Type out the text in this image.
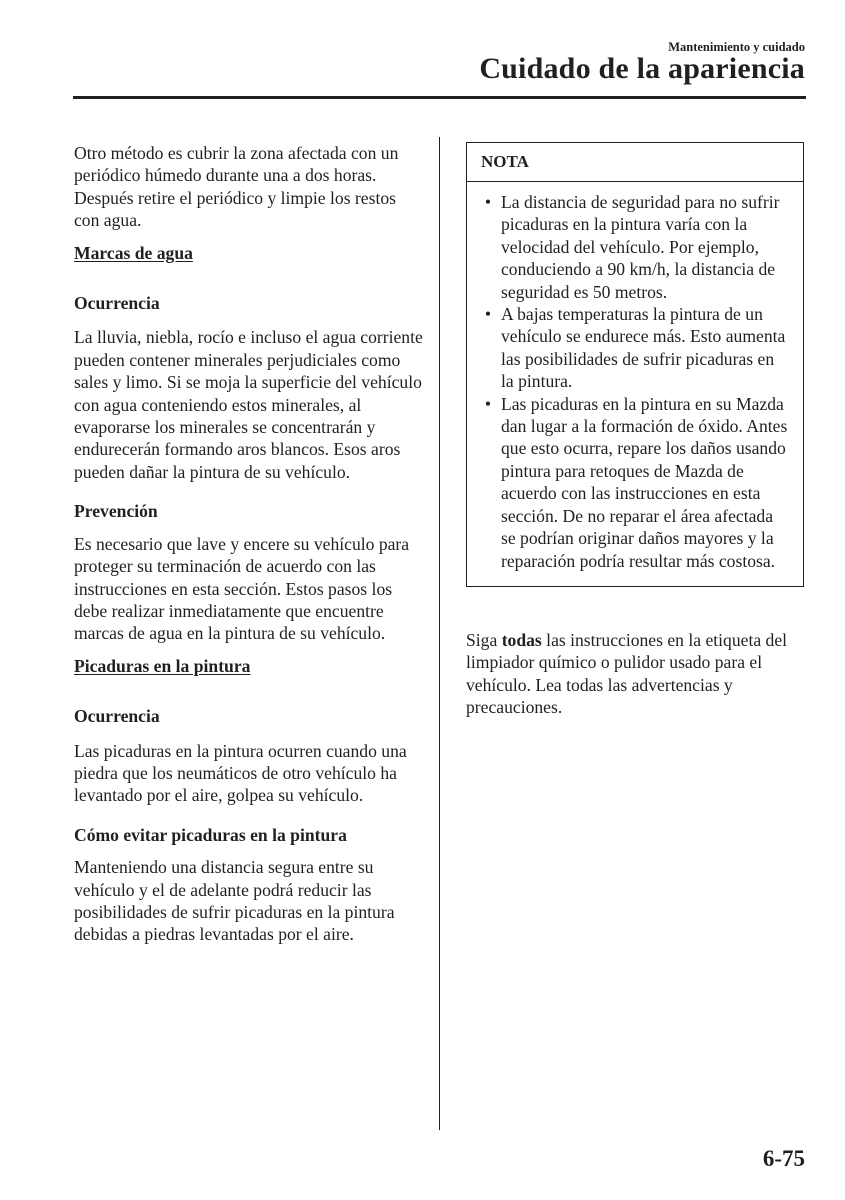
Mantenimiento y cuidado
Cuidado de la apariencia

Otro método es cubrir la zona afectada con un periódico húmedo durante una a dos horas. Después retire el periódico y limpie los restos con agua.

Marcas de agua
Ocurrencia

La lluvia, niebla, rocío e incluso el agua corriente pueden contener minerales perjudiciales como sales y limo. Si se moja la superficie del vehículo con agua conteniendo estos minerales, al evaporarse los minerales se concentrarán y endurecerán formando aros blancos. Esos aros pueden dañar la pintura de su vehículo.

Prevención

Es necesario que lave y encere su vehículo para proteger su terminación de acuerdo con las instrucciones en esta sección. Estos pasos los debe realizar inmediatamente que encuentre marcas de agua en la pintura de su vehículo.

Picaduras en la pintura
Ocurrencia

Las picaduras en la pintura ocurren cuando una piedra que los neumáticos de otro vehículo ha levantado por el aire, golpea su vehículo.

Cómo evitar picaduras en la pintura

Manteniendo una distancia segura entre su vehículo y el de adelante podrá reducir las posibilidades de sufrir picaduras en la pintura debidas a piedras levantadas por el aire.

NOTA
• La distancia de seguridad para no sufrir picaduras en la pintura varía con la velocidad del vehículo. Por ejemplo, conduciendo a 90 km/h, la distancia de seguridad es 50 metros.
• A bajas temperaturas la pintura de un vehículo se endurece más. Esto aumenta las posibilidades de sufrir picaduras en la pintura.
• Las picaduras en la pintura en su Mazda dan lugar a la formación de óxido. Antes que esto ocurra, repare los daños usando pintura para retoques de Mazda de acuerdo con las instrucciones en esta sección. De no reparar el área afectada se podrían originar daños mayores y la reparación podría resultar más costosa.

Siga todas las instrucciones en la etiqueta del limpiador químico o pulidor usado para el vehículo. Lea todas las advertencias y precauciones.

6-75
